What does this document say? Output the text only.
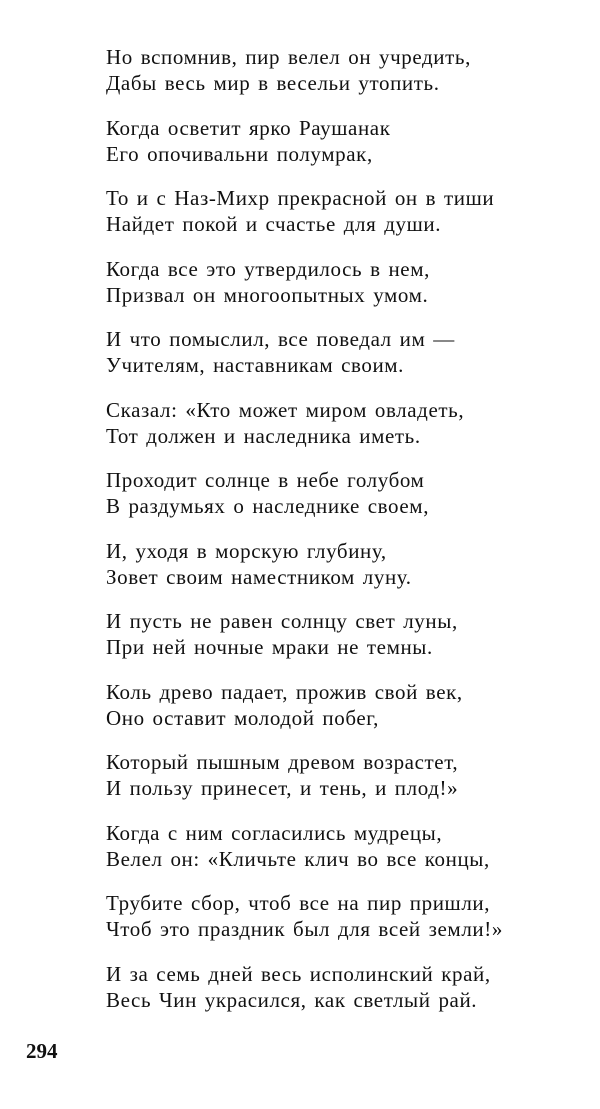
Но вспомнив, пир велел он учредить,
Дабы весь мир в весельи утопить.
Когда осветит ярко Раушанак
Его опочивальни полумрак,
То и с Наз-Михр прекрасной он в тиши
Найдет покой и счастье для души.
Когда все это утвердилось в нем,
Призвал он многоопытных умом.
И что помыслил, все поведал им —
Учителям, наставникам своим.
Сказал: «Кто может миром овладеть,
Тот должен и наследника иметь.
Проходит солнце в небе голубом
В раздумьях о наследнике своем,
И, уходя в морскую глубину,
Зовет своим наместником луну.
И пусть не равен солнцу свет луны,
При ней ночные мраки не темны.
Коль древо падает, прожив свой век,
Оно оставит молодой побег,
Который пышным древом возрастет,
И пользу принесет, и тень, и плод!»
Когда с ним согласились мудрецы,
Велел он: «Кличьте клич во все концы,
Трубите сбор, чтоб все на пир пришли,
Чтоб это праздник был для всей земли!»
И за семь дней весь исполинский край,
Весь Чин украсился, как светлый рай.
294
